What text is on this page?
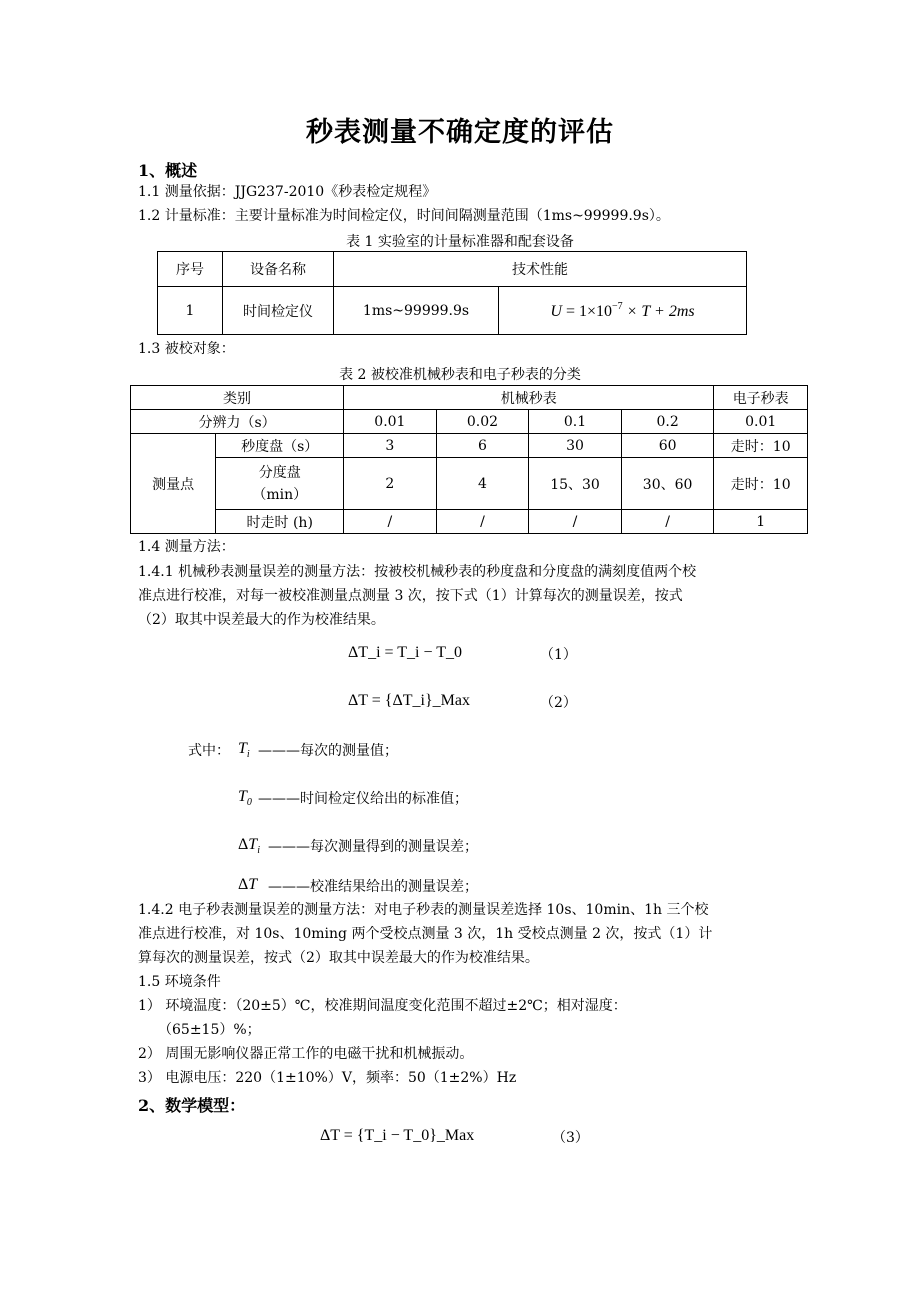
秒表测量不确定度的评估
1、概述
1.1 测量依据：JJG237-2010《秒表检定规程》
1.2 计量标准：主要计量标准为时间检定仪，时间间隔测量范围（1ms~99999.9s）。
表 1 实验室的计量标准器和配套设备
序号	设备名称	技术性能	
1	时间检定仪	1ms~99999.9s	$U = 1\times 10^{-7} \times T + 2ms$
1.3 被校对象：
表 2 被校准机械秒表和电子秒表的分类
类别		机械秒表				电子秒表
分辨力（s）		0.01	0.02	0.1	0.2	0.01
测量点	秒度盘（s）	3	6	30	60	走时：10
	分度盘（min）	2	4	15、30	30、60	走时：10
	时走时 (h)	/	/	/	/	1
1.4 测量方法：
1.4.1 机械秒表测量误差的测量方法：按被校机械秒表的秒度盘和分度盘的满刻度值两个校
准点进行校准，对每一被校准测量点测量 3 次，按下式（1）计算每次的测量误差，按式
（2）取其中误差最大的作为校准结果。
ΔT_i = T_i − T_0	（1）
ΔT = {ΔT_i}_Max	（2）
式中： $T_i$ ———每次的测量值；
$T_0$ ———时间检定仪给出的标准值；
$\Delta T_i$ ———每次测量得到的测量误差；
ΔT ———校准结果给出的测量误差；
1.4.2 电子秒表测量误差的测量方法：对电子秒表的测量误差选择 10s、10min、1h 三个校
准点进行校准，对 10s、10ming 两个受校点测量 3 次，1h 受校点测量 2 次，按式（1）计
算每次的测量误差，按式（2）取其中误差最大的作为校准结果。
1.5 环境条件
1） 环境温度：（20±5）℃，校准期间温度变化范围不超过±2℃；相对湿度：
（65±15）%；
2） 周围无影响仪器正常工作的电磁干扰和机械振动。
3） 电源电压：220（1±10%）V，频率：50（1±2%）Hz
2、数学模型：
ΔT = {T_i − T_0}_Max	（3）
